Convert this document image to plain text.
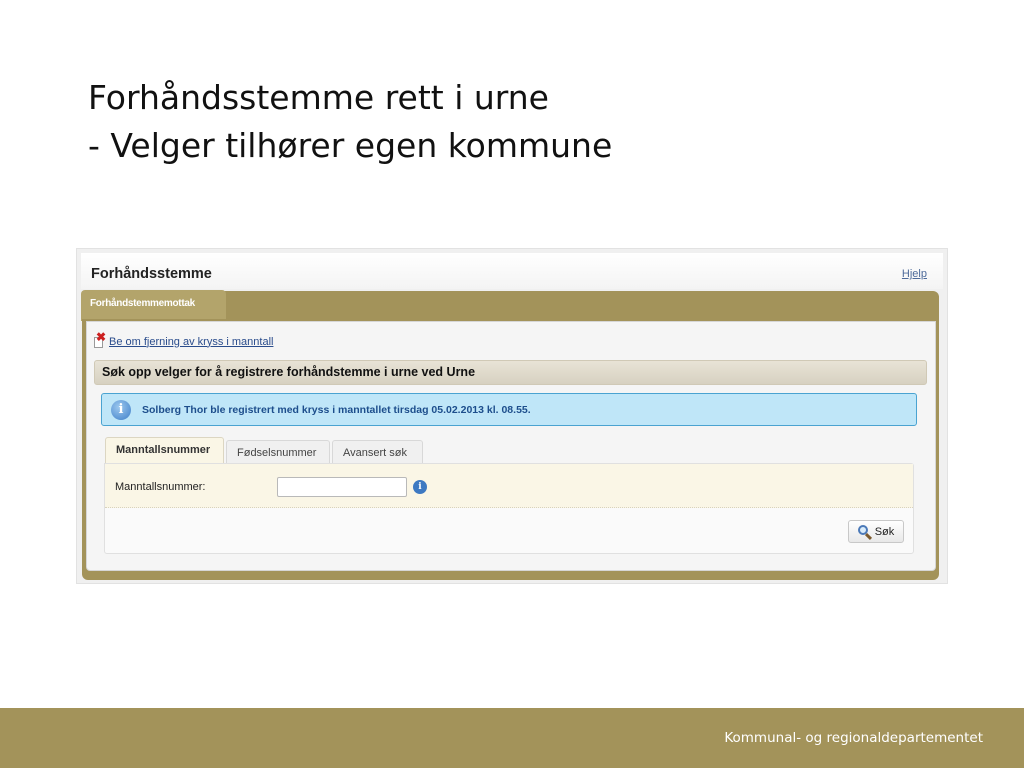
Forhåndsstemme rett i urne
- Velger tilhører egen kommune
Forhåndsstemme	Hjelp
Forhåndstemmemottak
✖ Be om fjerning av kryss i manntall
Søk opp velger for å registrere forhåndstemme i urne ved Urne
i	Solberg Thor ble registrert med kryss i manntallet tirsdag 05.02.2013 kl. 08.55.
Manntallsnummer	Fødselsnummer	Avansert søk
Manntallsnummer:	i
Søk
Kommunal- og regionaldepartementet
